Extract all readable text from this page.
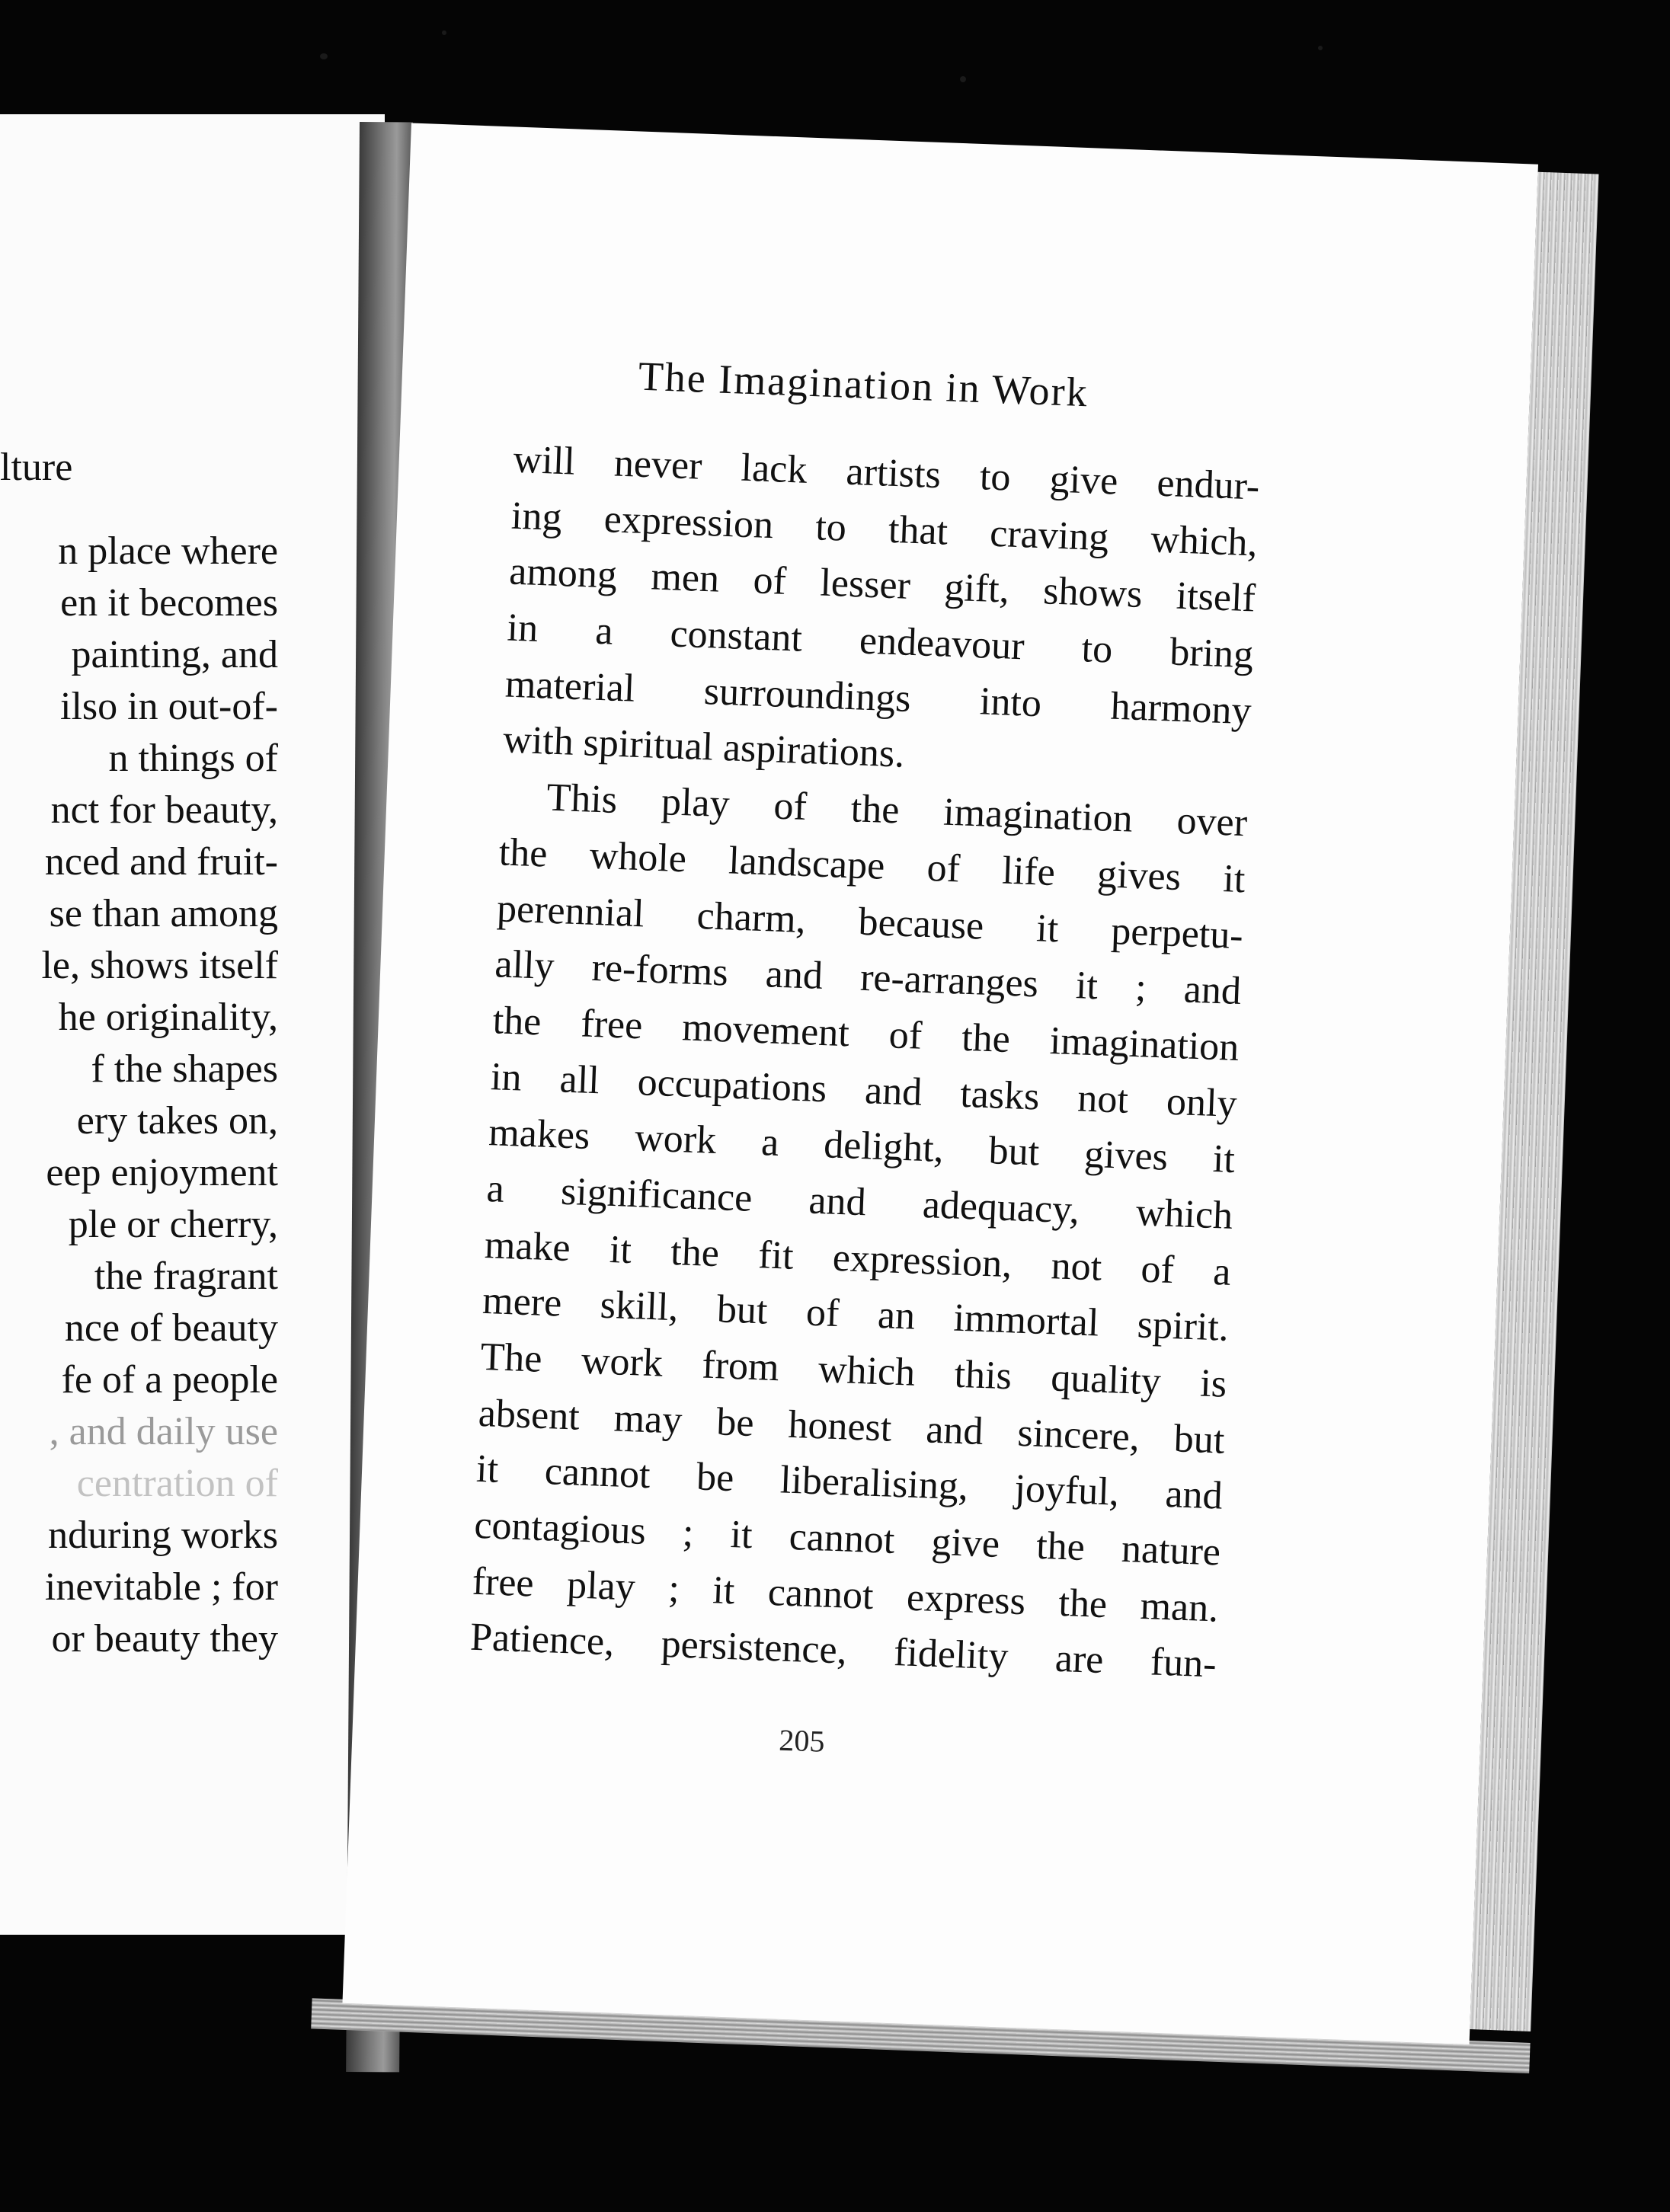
lture
n place where
en it becomes
painting, and
ilso in out-of-
n things of
nct for beauty,
nced and fruit-
se than among
le, shows itself
he originality,
f the shapes
ery takes on,
eep enjoyment
ple or cherry,
the fragrant
nce of beauty
fe of a people
, and daily use
centration of
nduring works
inevitable ; for
or beauty they
The Imagination in Work
will never lack artists to give endur-
ing expression to that craving which,
among men of lesser gift, shows itself
in a constant endeavour to bring
material surroundings into harmony
with spiritual aspirations.
This play of the imagination over
the whole landscape of life gives it
perennial charm, because it perpetu-
ally re-forms and re-arranges it ; and
the free movement of the imagination
in all occupations and tasks not only
makes work a delight, but gives it
a significance and adequacy, which
make it the fit expression, not of a
mere skill, but of an immortal spirit.
The work from which this quality is
absent may be honest and sincere, but
it cannot be liberalising, joyful, and
contagious ; it cannot give the nature
free play ; it cannot express the man.
Patience, persistence, fidelity are fun-
205
